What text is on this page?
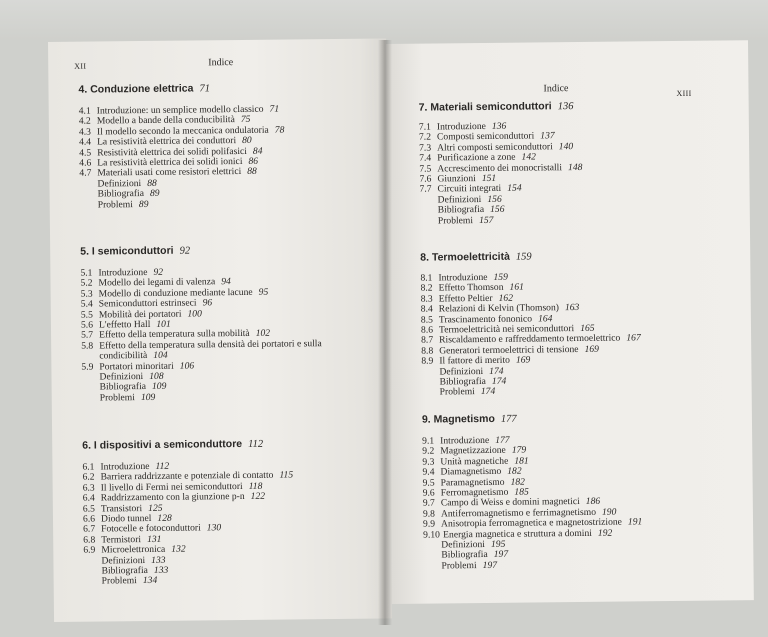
XII	Indice
4. Conduzione elettrica 71
4.1 Introduzione: un semplice modello classico 71
4.2 Modello a bande della conducibilità 75
4.3 Il modello secondo la meccanica ondulatoria 78
4.4 La resistività elettrica dei conduttori 80
4.5 Resistività elettrica dei solidi polifasici 84
4.6 La resistività elettrica dei solidi ionici 86
4.7 Materiali usati come resistori elettrici 88
Definizioni 88
Bibliografia 89
Problemi 89
5. I semiconduttori 92
5.1 Introduzione 92
5.2 Modello dei legami di valenza 94
5.3 Modello di conduzione mediante lacune 95
5.4 Semiconduttori estrinseci 96
5.5 Mobilità dei portatori 100
5.6 L'effetto Hall 101
5.7 Effetto della temperatura sulla mobilità 102
5.8 Effetto della temperatura sulla densità dei portatori e sulla
condicibilità 104
5.9 Portatori minoritari 106
Definizioni 108
Bibliografia 109
Problemi 109
6. I dispositivi a semiconduttore 112
6.1 Introduzione 112
6.2 Barriera raddrizzante e potenziale di contatto 115
6.3 Il livello di Fermi nei semiconduttori 118
6.4 Raddrizzamento con la giunzione p-n 122
6.5 Transistori 125
6.6 Diodo tunnel 128
6.7 Fotocelle e fotoconduttori 130
6.8 Termistori 131
6.9 Microelettronica 132
Definizioni 133
Bibliografia 133
Problemi 134
Indice	XIII
7. Materiali semiconduttori 136
7.1 Introduzione 136
7.2 Composti semiconduttori 137
7.3 Altri composti semiconduttori 140
7.4 Purificazione a zone 142
7.5 Accrescimento dei monocristalli 148
7.6 Giunzioni 151
7.7 Circuiti integrati 154
Definizioni 156
Bibliografia 156
Problemi 157
8. Termoelettricità 159
8.1 Introduzione 159
8.2 Effetto Thomson 161
8.3 Effetto Peltier 162
8.4 Relazioni di Kelvin (Thomson) 163
8.5 Trascinamento fononico 164
8.6 Termoelettricità nei semiconduttori 165
8.7 Riscaldamento e raffreddamento termoelettrico 167
8.8 Generatori termoelettrici di tensione 169
8.9 Il fattore di merito 169
Definizioni 174
Bibliografia 174
Problemi 174
9. Magnetismo 177
9.1 Introduzione 177
9.2 Magnetizzazione 179
9.3 Unità magnetiche 181
9.4 Diamagnetismo 182
9.5 Paramagnetismo 182
9.6 Ferromagnetismo 185
9.7 Campo di Weiss e domini magnetici 186
9.8 Antiferromagnetismo e ferrimagnetismo 190
9.9 Anisotropia ferromagnetica e magnetostrizione 191
9.10 Energia magnetica e struttura a domini 192
Definizioni 195
Bibliografia 197
Problemi 197
